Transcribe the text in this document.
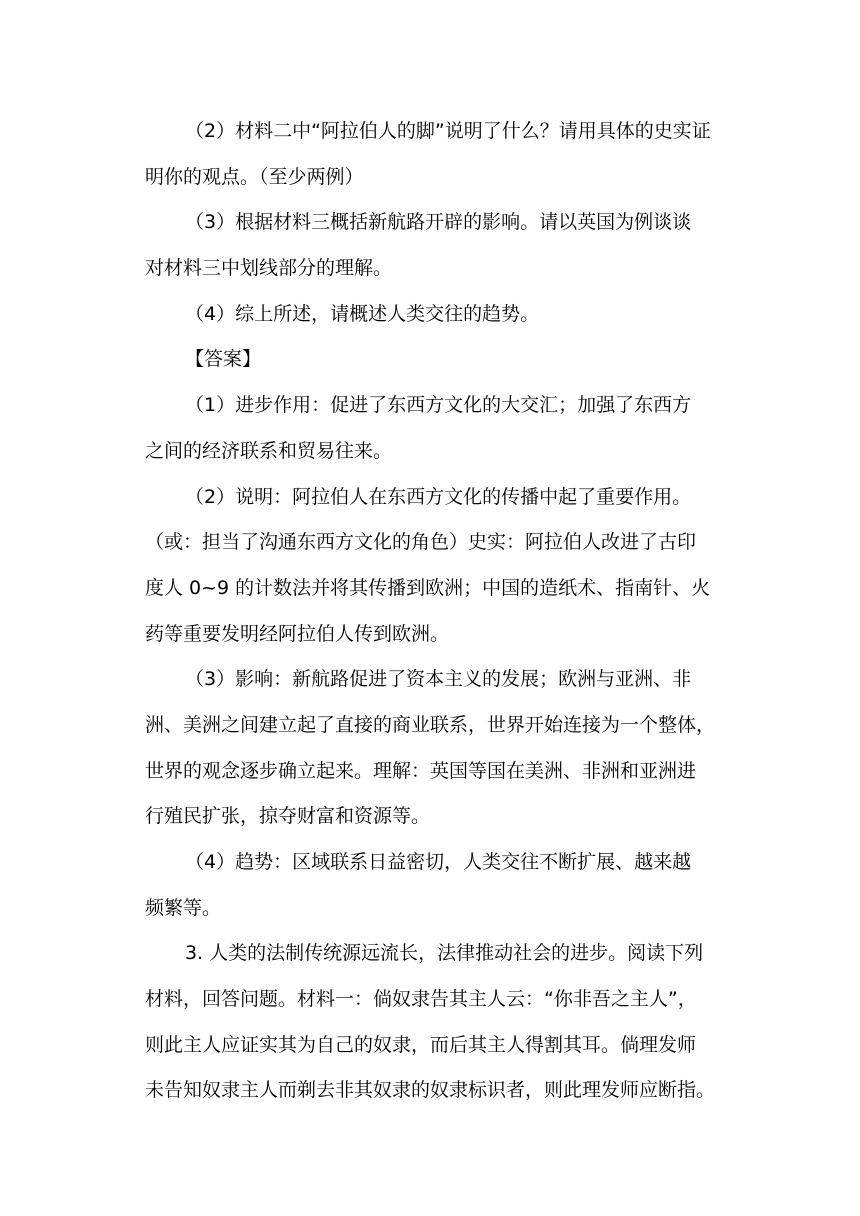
（2）材料二中“阿拉伯人的脚”说明了什么？请用具体的史实证
明你的观点。（至少两例）
（3）根据材料三概括新航路开辟的影响。请以英国为例谈谈
对材料三中划线部分的理解。
（4）综上所述，请概述人类交往的趋势。
【答案】
（1）进步作用：促进了东西方文化的大交汇；加强了东西方
之间的经济联系和贸易往来。
（2）说明：阿拉伯人在东西方文化的传播中起了重要作用。
（或：担当了沟通东西方文化的角色）史实：阿拉伯人改进了古印
度人 0~9 的计数法并将其传播到欧洲；中国的造纸术、指南针、火
药等重要发明经阿拉伯人传到欧洲。
（3）影响：新航路促进了资本主义的发展；欧洲与亚洲、非
洲、美洲之间建立起了直接的商业联系，世界开始连接为一个整体，
世界的观念逐步确立起来。理解：英国等国在美洲、非洲和亚洲进
行殖民扩张，掠夺财富和资源等。
（4）趋势：区域联系日益密切，人类交往不断扩展、越来越
频繁等。
3. 人类的法制传统源远流长，法律推动社会的进步。阅读下列
材料，回答问题。材料一：倘奴隶告其主人云：“你非吾之主人”，
则此主人应证实其为自己的奴隶，而后其主人得割其耳。倘理发师
未告知奴隶主人而剃去非其奴隶的奴隶标识者，则此理发师应断指。
